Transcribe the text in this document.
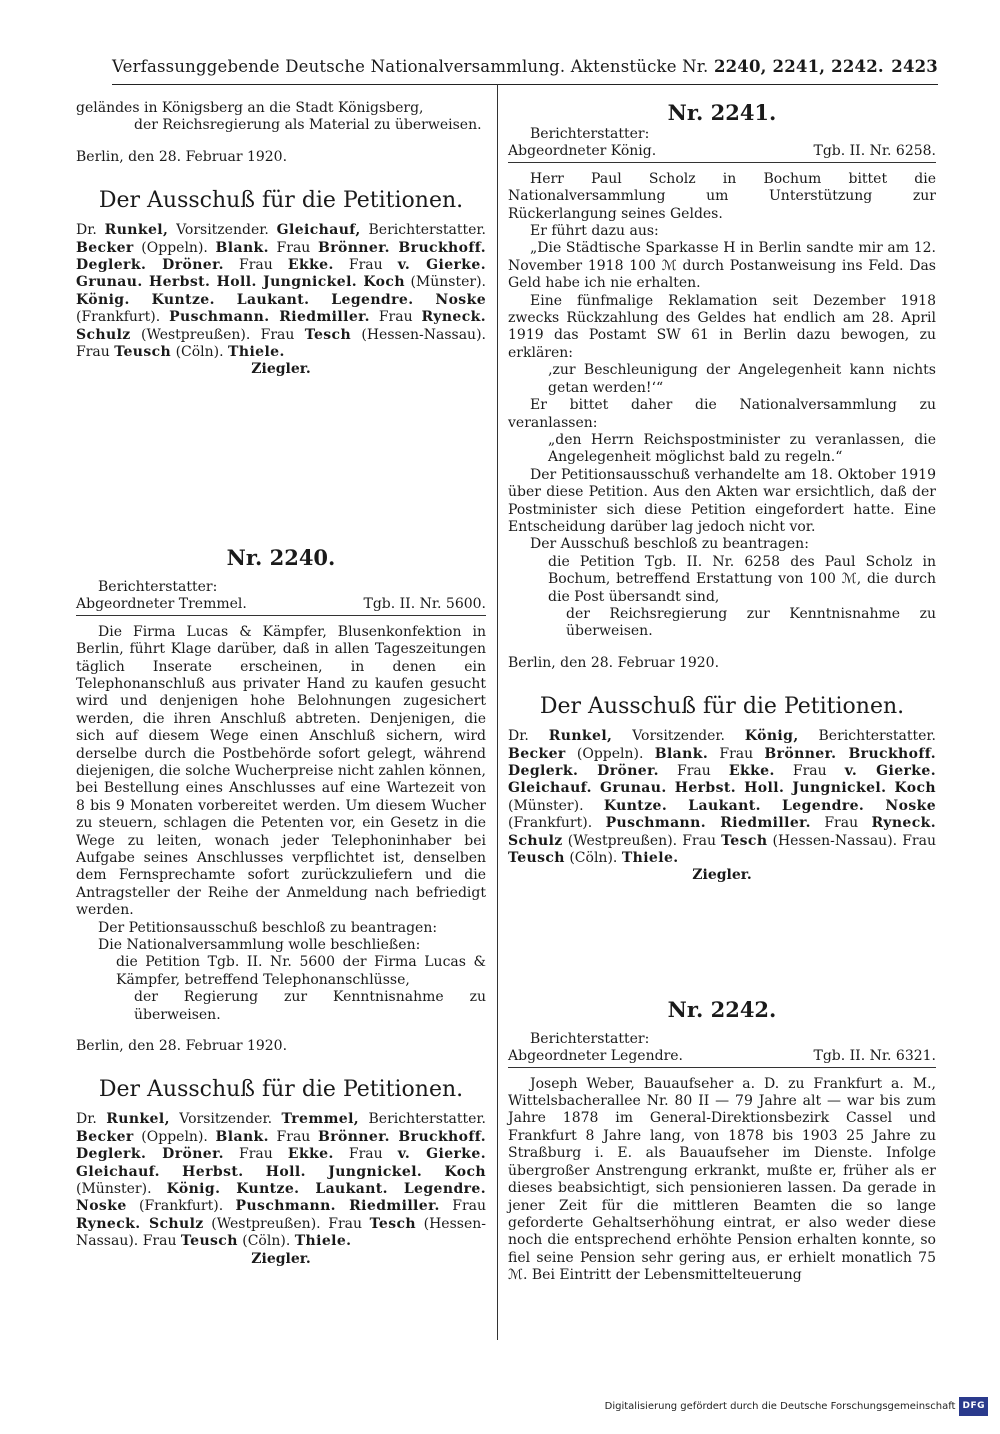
Verfassunggebende Deutsche Nationalversammlung. Aktenstücke Nr. 2240, 2241, 2242. 2423

geländes in Königsberg an die Stadt Königsberg,

der Reichsregierung als Material zu überweisen.

Berlin, den 28. Februar 1920.

Der Ausschuß für die Petitionen.

Dr. Runkel, Vorsitzender. Gleichauf, Berichterstatter. Becker (Oppeln). Blank. Frau Brönner. Bruckhoff. Deglerk. Dröner. Frau Ekke. Frau v. Gierke. Grunau. Herbst. Holl. Jungnickel. Koch (Münster). König. Kuntze. Laukant. Legendre. Noske (Frankfurt). Puschmann. Riedmiller. Frau Ryneck. Schulz (Westpreußen). Frau Tesch (Hessen-Nassau). Frau Teusch (Cöln). Thiele.

Ziegler.

Nr. 2240.

Berichterstatter:

Abgeordneter Tremmel.	Tgb. II. Nr. 5600.

Die Firma Lucas & Kämpfer, Blusenkonfektion in Berlin, führt Klage darüber, daß in allen Tageszeitungen täglich Inserate erscheinen, in denen ein Telephonanschluß aus privater Hand zu kaufen gesucht wird und denjenigen hohe Belohnungen zugesichert werden, die ihren Anschluß abtreten. Denjenigen, die sich auf diesem Wege einen Anschluß sichern, wird derselbe durch die Postbehörde sofort gelegt, während diejenigen, die solche Wucherpreise nicht zahlen können, bei Bestellung eines Anschlusses auf eine Wartezeit von 8 bis 9 Monaten vorbereitet werden. Um diesem Wucher zu steuern, schlagen die Petenten vor, ein Gesetz in die Wege zu leiten, wonach jeder Telephoninhaber bei Aufgabe seines Anschlusses verpflichtet ist, denselben dem Fernsprechamte sofort zurückzuliefern und die Antragsteller der Reihe der Anmeldung nach befriedigt werden.

Der Petitionsausschuß beschloß zu beantragen:

Die Nationalversammlung wolle beschließen:

die Petition Tgb. II. Nr. 5600 der Firma Lucas & Kämpfer, betreffend Telephonanschlüsse,

der Regierung zur Kenntnisnahme zu überweisen.

Berlin, den 28. Februar 1920.

Der Ausschuß für die Petitionen.

Dr. Runkel, Vorsitzender. Tremmel, Berichterstatter. Becker (Oppeln). Blank. Frau Brönner. Bruckhoff. Deglerk. Dröner. Frau Ekke. Frau v. Gierke. Gleichauf. Herbst. Holl. Jungnickel. Koch (Münster). König. Kuntze. Laukant. Legendre. Noske (Frankfurt). Puschmann. Riedmiller. Frau Ryneck. Schulz (Westpreußen). Frau Tesch (Hessen-Nassau). Frau Teusch (Cöln). Thiele.

Ziegler.

Nr. 2241.

Berichterstatter:

Abgeordneter König.	Tgb. II. Nr. 6258.

Herr Paul Scholz in Bochum bittet die Nationalversammlung um Unterstützung zur Rückerlangung seines Geldes.

Er führt dazu aus:

„Die Städtische Sparkasse H in Berlin sandte mir am 12. November 1918 100 ℳ durch Postanweisung ins Feld. Das Geld habe ich nie erhalten.

Eine fünfmalige Reklamation seit Dezember 1918 zwecks Rückzahlung des Geldes hat endlich am 28. April 1919 das Postamt SW 61 in Berlin dazu bewogen, zu erklären:

‚zur Beschleunigung der Angelegenheit kann nichts getan werden!‘“

Er bittet daher die Nationalversammlung zu veranlassen:

„den Herrn Reichspostminister zu veranlassen, die Angelegenheit möglichst bald zu regeln.“

Der Petitionsausschuß verhandelte am 18. Oktober 1919 über diese Petition. Aus den Akten war ersichtlich, daß der Postminister sich diese Petition eingefordert hatte. Eine Entscheidung darüber lag jedoch nicht vor.

Der Ausschuß beschloß zu beantragen:

die Petition Tgb. II. Nr. 6258 des Paul Scholz in Bochum, betreffend Erstattung von 100 ℳ, die durch die Post übersandt sind,

der Reichsregierung zur Kenntnisnahme zu überweisen.

Berlin, den 28. Februar 1920.

Der Ausschuß für die Petitionen.

Dr. Runkel, Vorsitzender. König, Berichterstatter. Becker (Oppeln). Blank. Frau Brönner. Bruckhoff. Deglerk. Dröner. Frau Ekke. Frau v. Gierke. Gleichauf. Grunau. Herbst. Holl. Jungnickel. Koch (Münster). Kuntze. Laukant. Legendre. Noske (Frankfurt). Puschmann. Riedmiller. Frau Ryneck. Schulz (Westpreußen). Frau Tesch (Hessen-Nassau). Frau Teusch (Cöln). Thiele.

Ziegler.

Nr. 2242.

Berichterstatter:

Abgeordneter Legendre.	Tgb. II. Nr. 6321.

Joseph Weber, Bauaufseher a. D. zu Frankfurt a. M., Wittelsbacherallee Nr. 80 II — 79 Jahre alt — war bis zum Jahre 1878 im General-Direktionsbezirk Cassel und Frankfurt 8 Jahre lang, von 1878 bis 1903 25 Jahre zu Straßburg i. E. als Bauaufseher im Dienste. Infolge übergroßer Anstrengung erkrankt, mußte er, früher als er dieses beabsichtigt, sich pensionieren lassen. Da gerade in jener Zeit für die mittleren Beamten die so lange geforderte Gehaltserhöhung eintrat, er also weder diese noch die entsprechend erhöhte Pension erhalten konnte, so fiel seine Pension sehr gering aus, er erhielt monatlich 75 ℳ. Bei Eintritt der Lebensmittelteuerung

Digitalisierung gefördert durch die Deutsche Forschungsgemeinschaft DFG
